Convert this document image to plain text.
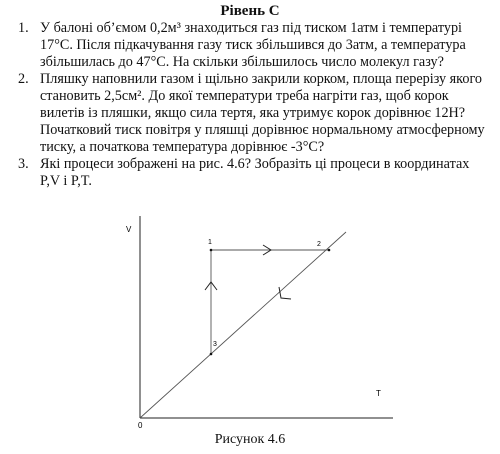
Рівень С
1. У балоні об’ємом 0,2м³ знаходиться газ під тиском 1атм і температурі 17°С. Після підкачування газу тиск збільшився до 3атм, а температура збільшилась до 47°С. На скільки збільшилось число молекул газу?
2. Пляшку наповнили газом і щільно закрили корком, площа перерізу якого становить 2,5см². До якої температури треба нагріти газ, щоб корок вилетів із пляшки, якщо сила тертя, яка утримує корок дорівнює 12Н? Початковий тиск повітря у пляшці дорівнює нормальному атмосферному тиску, а початкова температура дорівнює -3°С?
3. Які процеси зображені на рис. 4.6? Зобразіть ці процеси в координатах P,V і P,T.
V
T
0
1	2
3
Рисунок 4.6
